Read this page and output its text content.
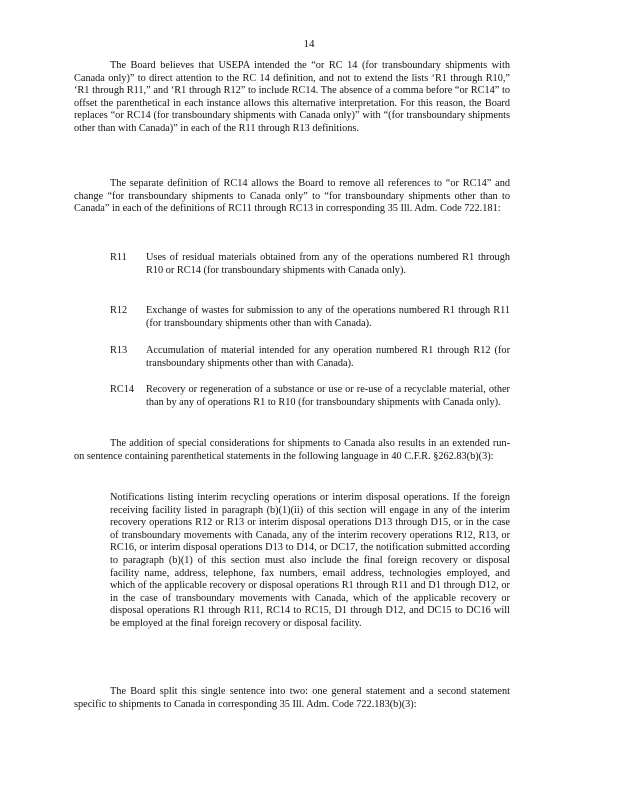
14

The Board believes that USEPA intended the “or RC 14 (for transboundary shipments with Canada only)” to direct attention to the RC 14 definition, and not to extend the lists ‘R1 through R10,” ‘R1 through R11,” and ‘R1 through R12” to include RC14. The absence of a comma before “or RC14” to offset the parenthetical in each instance allows this alternative interpretation. For this reason, the Board replaces “or RC14 (for transboundary shipments with Canada only)” with “(for transboundary shipments other than with Canada)” in each of the R11 through R13 definitions.

The separate definition of RC14 allows the Board to remove all references to “or RC14” and change “for transboundary shipments to Canada only” to “for transboundary shipments other than to Canada” in each of the definitions of RC11 through RC13 in corresponding 35 Ill. Adm. Code 722.181:

R11	Uses of residual materials obtained from any of the operations numbered R1 through R10 or RC14 (for transboundary shipments with Canada only).
R12	Exchange of wastes for submission to any of the operations numbered R1 through R11 (for transboundary shipments other than with Canada).
R13	Accumulation of material intended for any operation numbered R1 through R12 (for transboundary shipments other than with Canada).
RC14	Recovery or regeneration of a substance or use or re-use of a recyclable material, other than by any of operations R1 to R10 (for transboundary shipments with Canada only).

The addition of special considerations for shipments to Canada also results in an extended run-on sentence containing parenthetical statements in the following language in 40 C.F.R. §262.83(b)(3):

Notifications listing interim recycling operations or interim disposal operations. If the foreign receiving facility listed in paragraph (b)(1)(ii) of this section will engage in any of the interim recovery operations R12 or R13 or interim disposal operations D13 through D15, or in the case of transboundary movements with Canada, any of the interim recovery operations R12, R13, or RC16, or interim disposal operations D13 to D14, or DC17, the notification submitted according to paragraph (b)(1) of this section must also include the final foreign recovery or disposal facility name, address, telephone, fax numbers, email address, technologies employed, and which of the applicable recovery or disposal operations R1 through R11 and D1 through D12, or in the case of transboundary movements with Canada, which of the applicable recovery or disposal operations R1 through R11, RC14 to RC15, D1 through D12, and DC15 to DC16 will be employed at the final foreign recovery or disposal facility.

The Board split this single sentence into two: one general statement and a second statement specific to shipments to Canada in corresponding 35 Ill. Adm. Code 722.183(b)(3):
